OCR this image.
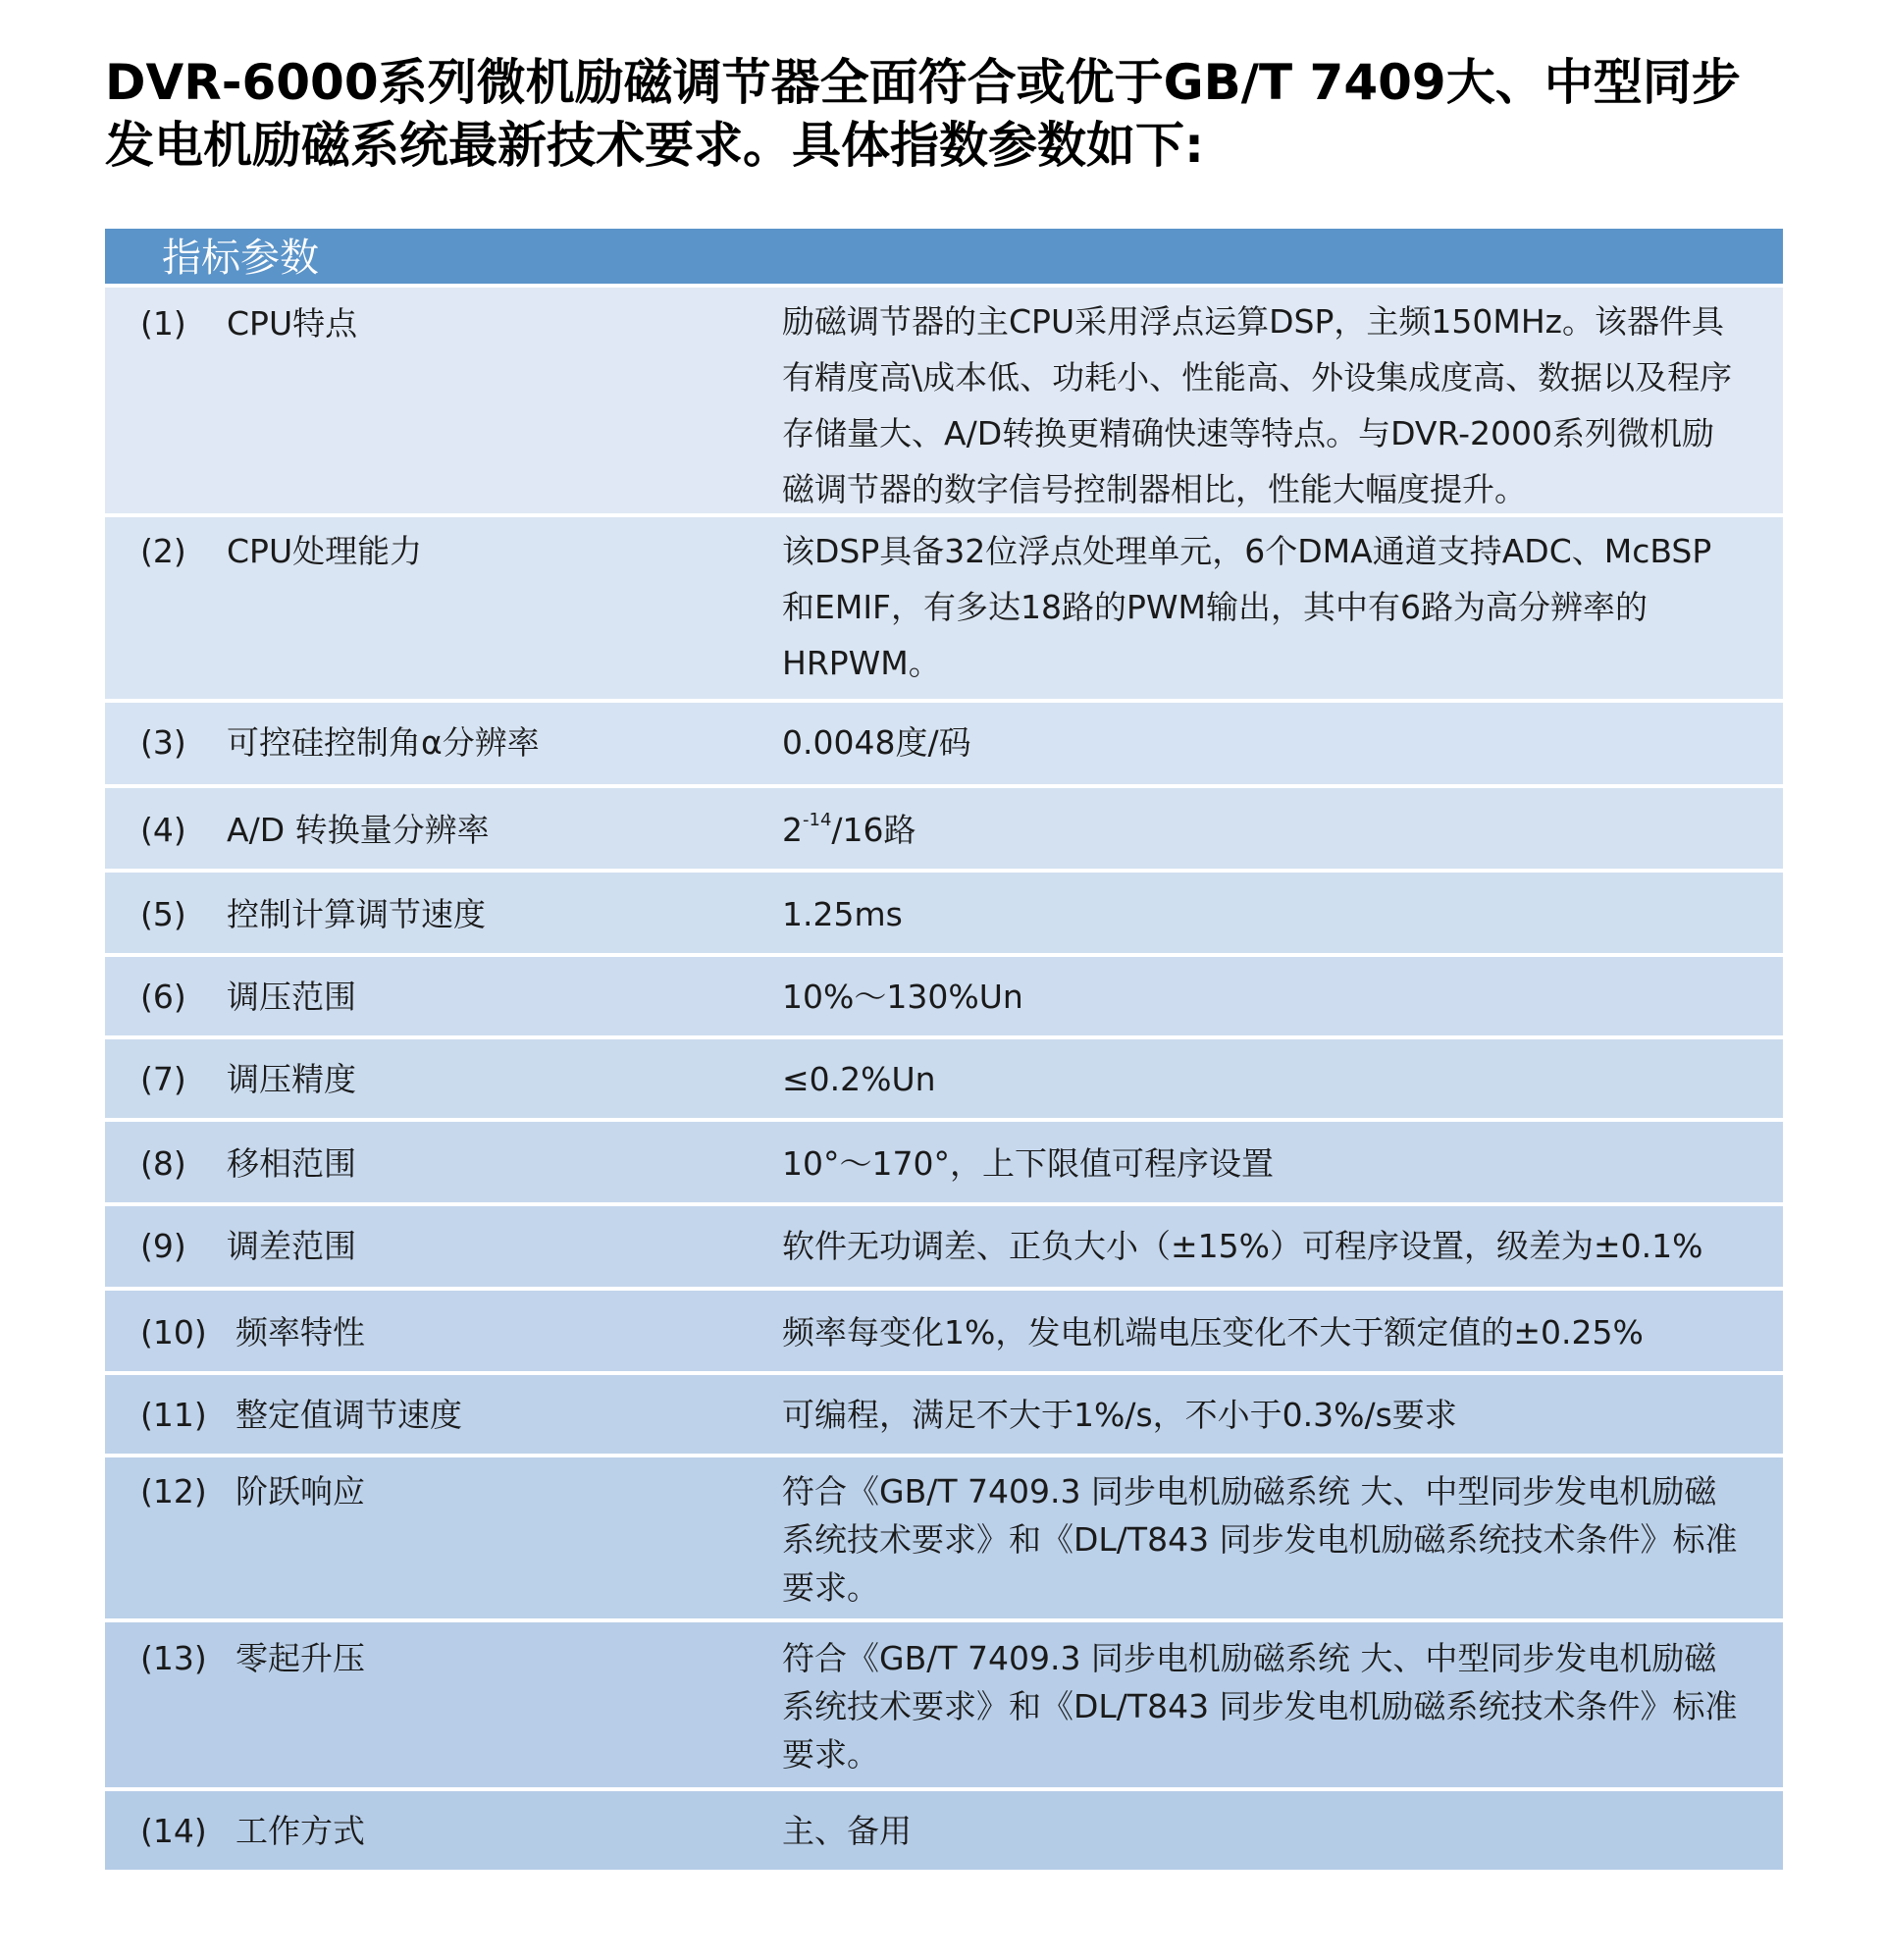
DVR-6000系列微机励磁调节器全面符合或优于GB/T 7409大、中型同步
发电机励磁系统最新技术要求。具体指数参数如下:
指标参数
(1)	CPU特点	励磁调节器的主CPU采用浮点运算DSP，主频150MHz。该器件具有精度高\成本低、功耗小、性能高、外设集成度高、数据以及程序存储量大、A/D转换更精确快速等特点。与DVR-2000系列微机励磁调节器的数字信号控制器相比，性能大幅度提升。
(2)	CPU处理能力	该DSP具备32位浮点处理单元，6个DMA通道支持ADC、McBSP和EMIF，有多达18路的PWM输出，其中有6路为高分辨率的HRPWM。
(3)	可控硅控制角α分辨率	0.0048度/码
(4)	A/D 转换量分辨率	$2^{-14}/16$路
(5)	控制计算调节速度	1.25ms
(6)	调压范围	10%～130%Un
(7)	调压精度	≤0.2%Un
(8)	移相范围	10°～170°，上下限值可程序设置
(9)	调差范围	软件无功调差、正负大小（±15%）可程序设置，级差为±0.1%
(10) 频率特性	频率每变化1%，发电机端电压变化不大于额定值的±0.25%
(11) 整定值调节速度	可编程，满足不大于1%/s，不小于0.3%/s要求
(12) 阶跃响应	符合《GB/T 7409.3 同步电机励磁系统 大、中型同步发电机励磁系统技术要求》和《DL/T843 同步发电机励磁系统技术条件》标准要求。
(13) 零起升压	符合《GB/T 7409.3 同步电机励磁系统 大、中型同步发电机励磁系统技术要求》和《DL/T843 同步发电机励磁系统技术条件》标准要求。
(14) 工作方式	主、备用
